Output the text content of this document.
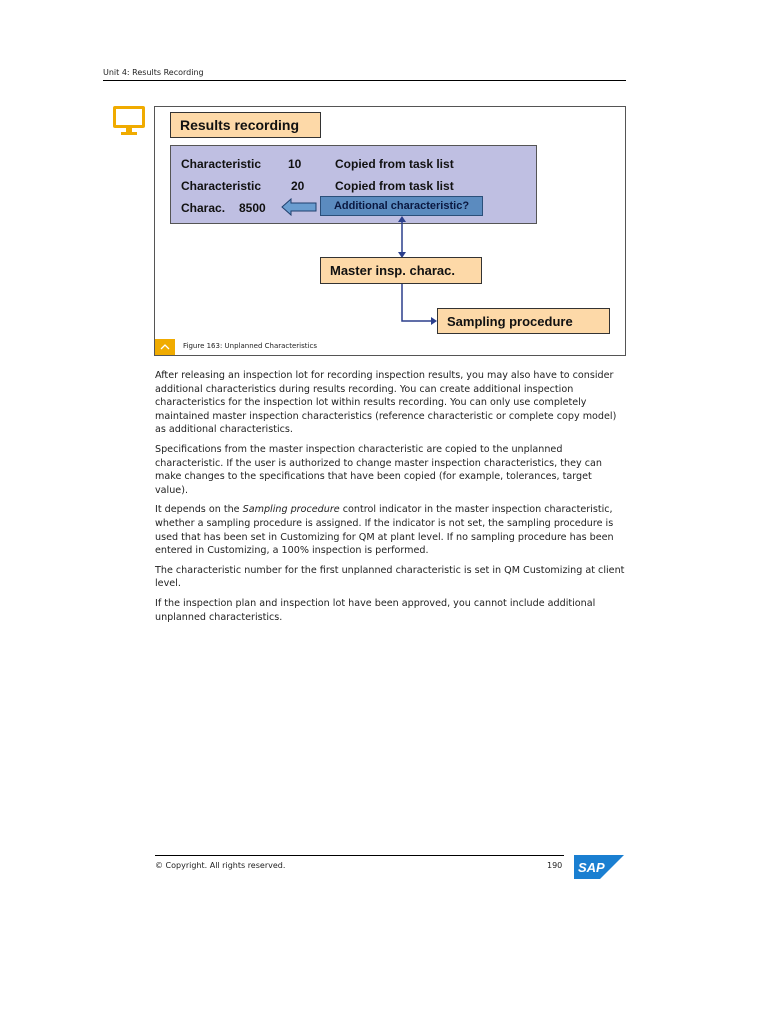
Unit 4: Results Recording
Results recording
Characteristic 10	Copied from task list
Characteristic 20	Copied from task list
Charac. 8500	Additional characteristic?
Master insp. charac.
Sampling procedure
Figure 163: Unplanned Characteristics

After releasing an inspection lot for recording inspection results, you may also have to consider additional characteristics during results recording. You can create additional inspection characteristics for the inspection lot within results recording. You can only use completely maintained master inspection characteristics (reference characteristic or complete copy model) as additional characteristics.

Specifications from the master inspection characteristic are copied to the unplanned characteristic. If the user is authorized to change master inspection characteristics, they can make changes to the specifications that have been copied (for example, tolerances, target value).

It depends on the Sampling procedure control indicator in the master inspection characteristic, whether a sampling procedure is assigned. If the indicator is not set, the sampling procedure is used that has been set in Customizing for QM at plant level. If no sampling procedure has been entered in Customizing, a 100% inspection is performed.

The characteristic number for the first unplanned characteristic is set in QM Customizing at client level.

If the inspection plan and inspection lot have been approved, you cannot include additional unplanned characteristics.

© Copyright. All rights reserved.	190 SAP
